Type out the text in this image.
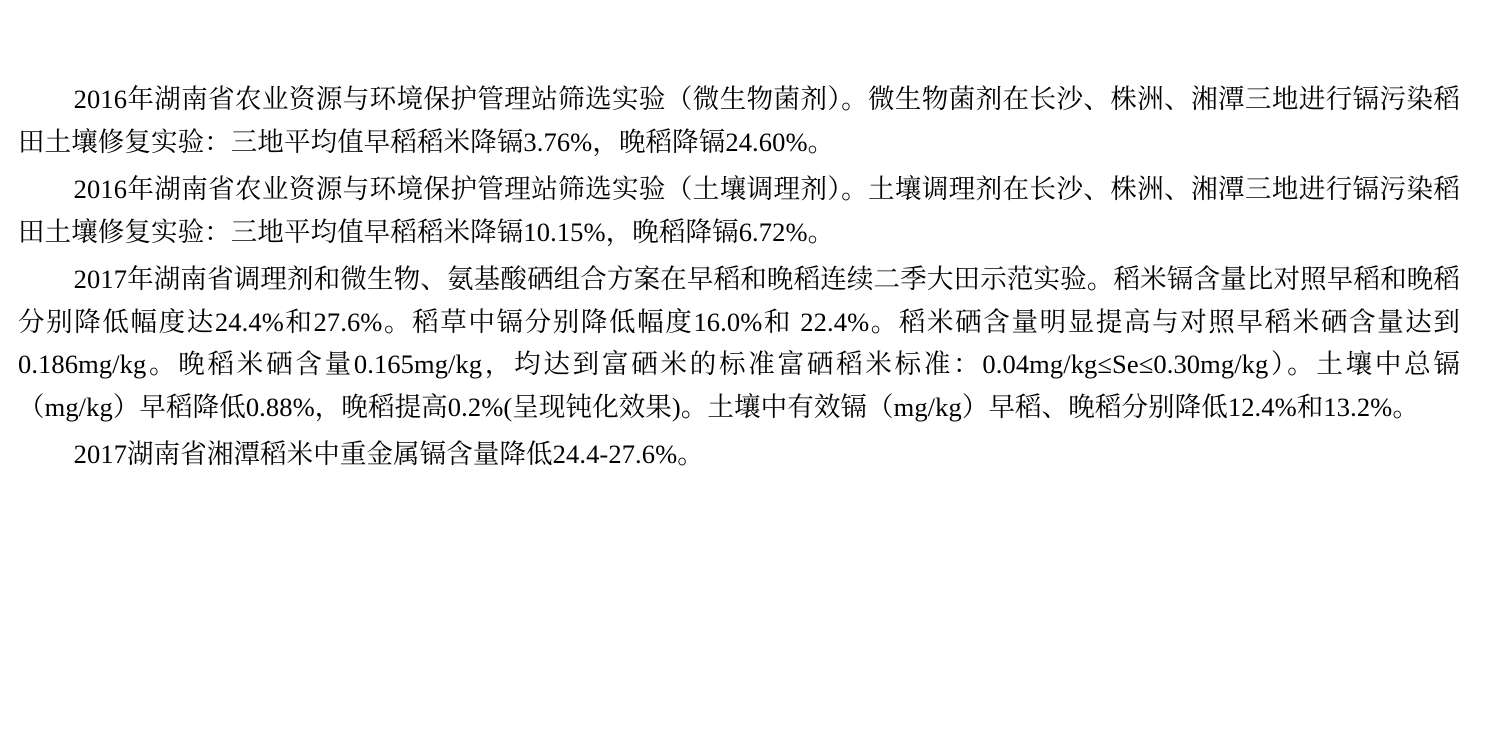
2016年湖南省农业资源与环境保护管理站筛选实验（微生物菌剂）。微生物菌剂在长沙、株洲、湘潭三地进行镉污染稻田土壤修复实验：三地平均值早稻稻米降镉3.76%，晚稻降镉24.60%。

2016年湖南省农业资源与环境保护管理站筛选实验（土壤调理剂）。土壤调理剂在长沙、株洲、湘潭三地进行镉污染稻田土壤修复实验：三地平均值早稻稻米降镉10.15%，晚稻降镉6.72%。

2017年湖南省调理剂和微生物、氨基酸硒组合方案在早稻和晚稻连续二季大田示范实验。稻米镉含量比对照早稻和晚稻分别降低幅度达24.4%和27.6%。稻草中镉分别降低幅度16.0%和 22.4%。稻米硒含量明显提高与对照早稻米硒含量达到0.186mg/kg。晚稻米硒含量0.165mg/kg，均达到富硒米的标准富硒稻米标准：0.04mg/kg≤Se≤0.30mg/kg）。土壤中总镉（mg/kg）早稻降低0.88%，晚稻提高0.2%(呈现钝化效果)。土壤中有效镉（mg/kg）早稻、晚稻分别降低12.4%和13.2%。

2017湖南省湘潭稻米中重金属镉含量降低24.4-27.6%。
